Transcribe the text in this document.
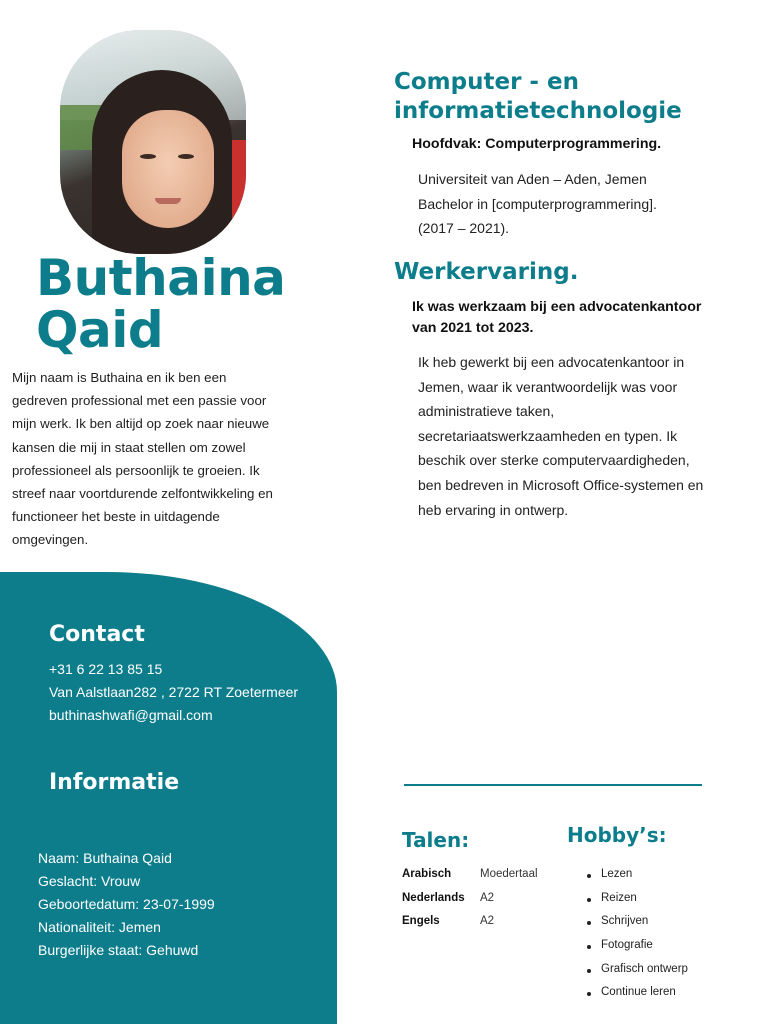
Buthaina
Qaid

Mijn naam is Buthaina en ik ben een
gedreven professional met een passie voor
mijn werk. Ik ben altijd op zoek naar nieuwe
kansen die mij in staat stellen om zowel
professioneel als persoonlijk te groeien. Ik
streef naar voortdurende zelfontwikkeling en
functioneer het beste in uitdagende
omgevingen.

Contact
+31 6 22 13 85 15
Van Aalstlaan282 , 2722 RT Zoetermeer
buthinashwafi@gmail.com
Informatie
Naam: Buthaina Qaid
Geslacht: Vrouw
Geboortedatum: 23-07-1999
Nationaliteit: Jemen
Burgerlijke staat: Gehuwd
Computer - en
informatietechnologie

Hoofdvak: Computerprogrammering.

Universiteit van Aden – Aden, Jemen

Bachelor in [computerprogrammering].

(2017 – 2021).

Werkervaring.

Ik was werkzaam bij een advocatenkantoor
van 2021 tot 2023.

Ik heb gewerkt bij een advocatenkantoor in
Jemen, waar ik verantwoordelijk was voor
administratieve taken,
secretariaatswerkzaamheden en typen. Ik
beschik over sterke computervaardigheden,
ben bedreven in Microsoft Office-systemen en
heb ervaring in ontwerp.

Talen:
Arabisch	Moedertaal
Nederlands A2
Engels	A2
Hobby’s:
Lezen
Reizen
Schrijven
Fotografie
Grafisch ontwerp
Continue leren
